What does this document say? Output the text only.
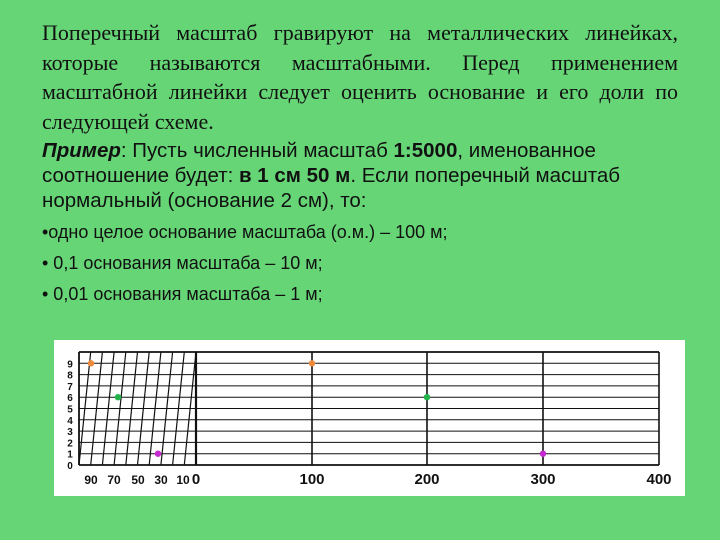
Поперечный масштаб гравируют на металлических линейках, которые называются масштабными. Перед применением масштабной линейки следует оценить основание и его доли по следующей схеме.

Пример: Пусть численный масштаб 1:5000, именованное соотношение будет: в 1 см 50 м. Если поперечный масштаб нормальный (основание 2 см), то:

•одно целое основание масштаба (о.м.) – 100 м;
• 0,1 основания масштаба – 10 м;
• 0,01 основания масштаба – 1 м;
9
8
7
6
5
4
3
2
1
0
90 70 50 30 10 0	100	200	300	400
